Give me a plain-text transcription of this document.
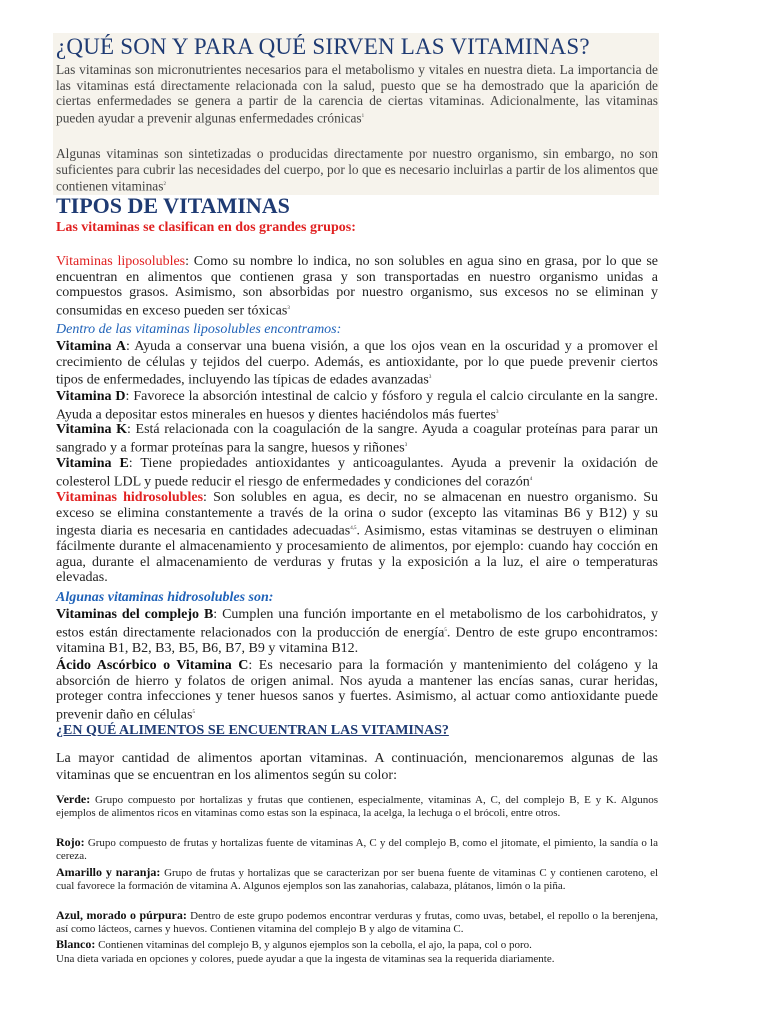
¿QUÉ SON Y PARA QUÉ SIRVEN LAS VITAMINAS?

Las vitaminas son micronutrientes necesarios para el metabolismo y vitales en nuestra dieta. La importancia de las vitaminas está directamente relacionada con la salud, puesto que se ha demostrado que la aparición de ciertas enfermedades se genera a partir de la carencia de ciertas vitaminas. Adicionalmente, las vitaminas pueden ayudar a prevenir algunas enfermedades crónicas$^1$

Algunas vitaminas son sintetizadas o producidas directamente por nuestro organismo, sin embargo, no son suficientes para cubrir las necesidades del cuerpo, por lo que es necesario incluirlas a partir de los alimentos que contienen vitaminas$^2$

TIPOS DE VITAMINAS

Las vitaminas se clasifican en dos grandes grupos:

Vitaminas liposolubles: Como su nombre lo indica, no son solubles en agua sino en grasa, por lo que se encuentran en alimentos que contienen grasa y son transportadas en nuestro organismo unidas a compuestos grasos. Asimismo, son absorbidas por nuestro organismo, sus excesos no se eliminan y consumidas en exceso pueden ser tóxicas$^3$

Dentro de las vitaminas liposolubles encontramos:

Vitamina A: Ayuda a conservar una buena visión, a que los ojos vean en la oscuridad y a promover el crecimiento de células y tejidos del cuerpo. Además, es antioxidante, por lo que puede prevenir ciertos tipos de enfermedades, incluyendo las típicas de edades avanzadas$^3$

Vitamina D: Favorece la absorción intestinal de calcio y fósforo y regula el calcio circulante en la sangre. Ayuda a depositar estos minerales en huesos y dientes haciéndolos más fuertes$^3$

Vitamina K: Está relacionada con la coagulación de la sangre. Ayuda a coagular proteínas para parar un sangrado y a formar proteínas para la sangre, huesos y riñones$^3$

Vitamina E: Tiene propiedades antioxidantes y anticoagulantes. Ayuda a prevenir la oxidación de colesterol LDL y puede reducir el riesgo de enfermedades y condiciones del corazón$^4$

Vitaminas hidrosolubles: Son solubles en agua, es decir, no se almacenan en nuestro organismo. Su exceso se elimina constantemente a través de la orina o sudor (excepto las vitaminas B6 y B12) y su ingesta diaria es necesaria en cantidades adecuadas$^{4,5}$. Asimismo, estas vitaminas se destruyen o eliminan fácilmente durante el almacenamiento y procesamiento de alimentos, por ejemplo: cuando hay cocción en agua, durante el almacenamiento de verduras y frutas y la exposición a la luz, el aire o temperaturas elevadas.

Algunas vitaminas hidrosolubles son:

Vitaminas del complejo B: Cumplen una función importante en el metabolismo de los carbohidratos, y estos están directamente relacionados con la producción de energía$^5$. Dentro de este grupo encontramos: vitamina B1, B2, B3, B5, B6, B7, B9 y vitamina B12.

Ácido Ascórbico o Vitamina C: Es necesario para la formación y mantenimiento del colágeno y la absorción de hierro y folatos de origen animal. Nos ayuda a mantener las encías sanas, curar heridas, proteger contra infecciones y tener huesos sanos y fuertes. Asimismo, al actuar como antioxidante puede prevenir daño en células$^5$

¿EN QUÉ ALIMENTOS SE ENCUENTRAN LAS VITAMINAS?

La mayor cantidad de alimentos aportan vitaminas. A continuación, mencionaremos algunas de las vitaminas que se encuentran en los alimentos según su color:

Verde: Grupo compuesto por hortalizas y frutas que contienen, especialmente, vitaminas A, C, del complejo B, E y K. Algunos ejemplos de alimentos ricos en vitaminas como estas son la espinaca, la acelga, la lechuga o el brócoli, entre otros.

Rojo: Grupo compuesto de frutas y hortalizas fuente de vitaminas A, C y del complejo B, como el jitomate, el pimiento, la sandía o la cereza.

Amarillo y naranja: Grupo de frutas y hortalizas que se caracterizan por ser buena fuente de vitaminas C y contienen caroteno, el cual favorece la formación de vitamina A. Algunos ejemplos son las zanahorias, calabaza, plátanos, limón o la piña.

Azul, morado o púrpura: Dentro de este grupo podemos encontrar verduras y frutas, como uvas, betabel, el repollo o la berenjena, así como lácteos, carnes y huevos. Contienen vitamina del complejo B y algo de vitamina C.

Blanco: Contienen vitaminas del complejo B, y algunos ejemplos son la cebolla, el ajo, la papa, col o poro.

Una dieta variada en opciones y colores, puede ayudar a que la ingesta de vitaminas sea la requerida diariamente.
